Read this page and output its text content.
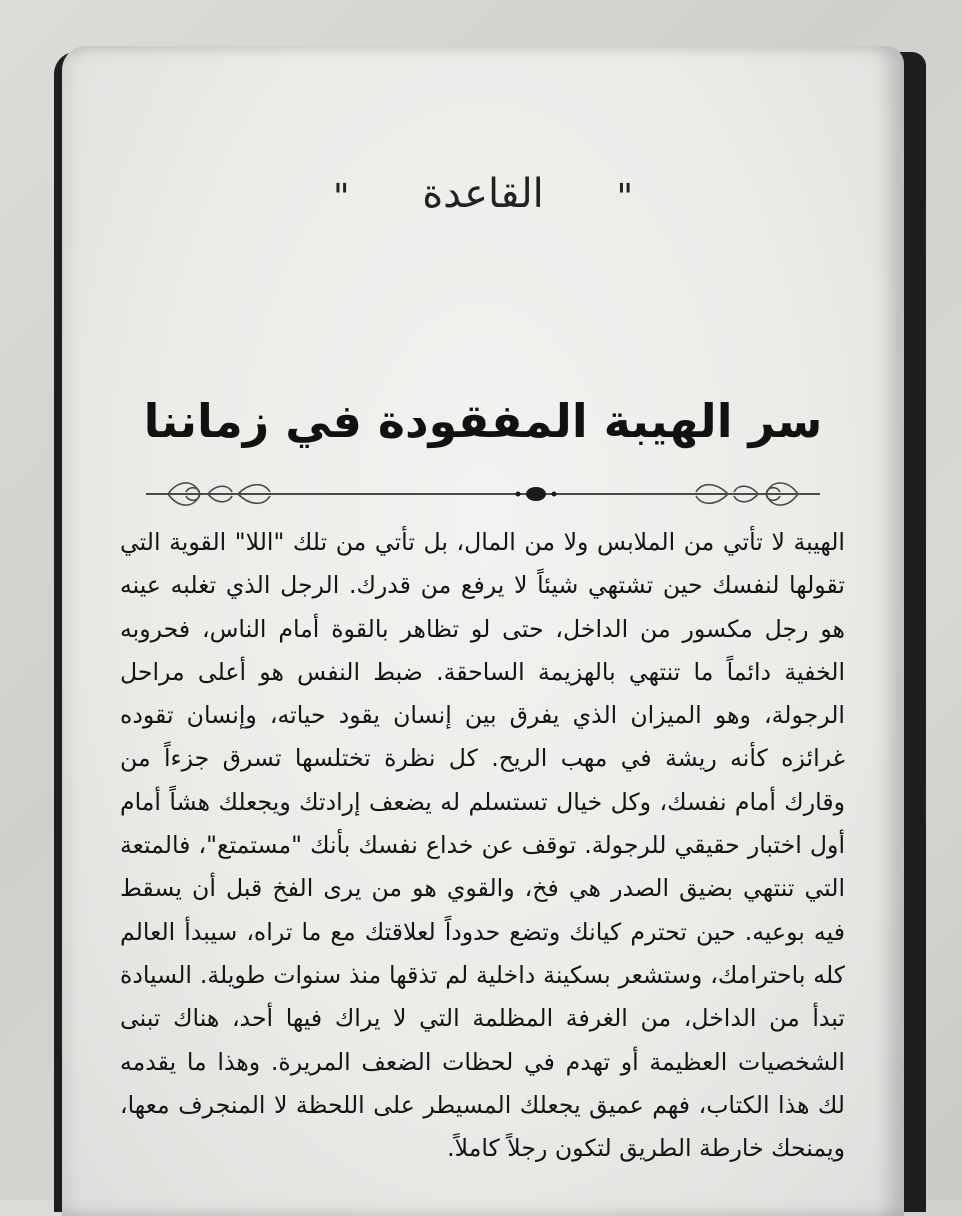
" القاعدة "
سر الهيبة المفقودة في زماننا

الهيبة لا تأتي من الملابس ولا من المال، بل تأتي من تلك "اللا" القوية التي تقولها لنفسك حين تشتهي شيئاً لا يرفع من قدرك. الرجل الذي تغلبه عينه هو رجل مكسور من الداخل، حتى لو تظاهر بالقوة أمام الناس، فحروبه الخفية دائماً ما تنتهي بالهزيمة الساحقة. ضبط النفس هو أعلى مراحل الرجولة، وهو الميزان الذي يفرق بين إنسان يقود حياته، وإنسان تقوده غرائزه كأنه ريشة في مهب الريح. كل نظرة تختلسها تسرق جزءاً من وقارك أمام نفسك، وكل خيال تستسلم له يضعف إرادتك ويجعلك هشاً أمام أول اختبار حقيقي للرجولة. توقف عن خداع نفسك بأنك "مستمتع"، فالمتعة التي تنتهي بضيق الصدر هي فخ، والقوي هو من يرى الفخ قبل أن يسقط فيه بوعيه. حين تحترم كيانك وتضع حدوداً لعلاقتك مع ما تراه، سيبدأ العالم كله باحترامك، وستشعر بسكينة داخلية لم تذقها منذ سنوات طويلة. السيادة تبدأ من الداخل، من الغرفة المظلمة التي لا يراك فيها أحد، هناك تبنى الشخصيات العظيمة أو تهدم في لحظات الضعف المريرة. وهذا ما يقدمه لك هذا الكتاب، فهم عميق يجعلك المسيطر على اللحظة لا المنجرف معها، ويمنحك خارطة الطريق لتكون رجلاً كاملاً.
